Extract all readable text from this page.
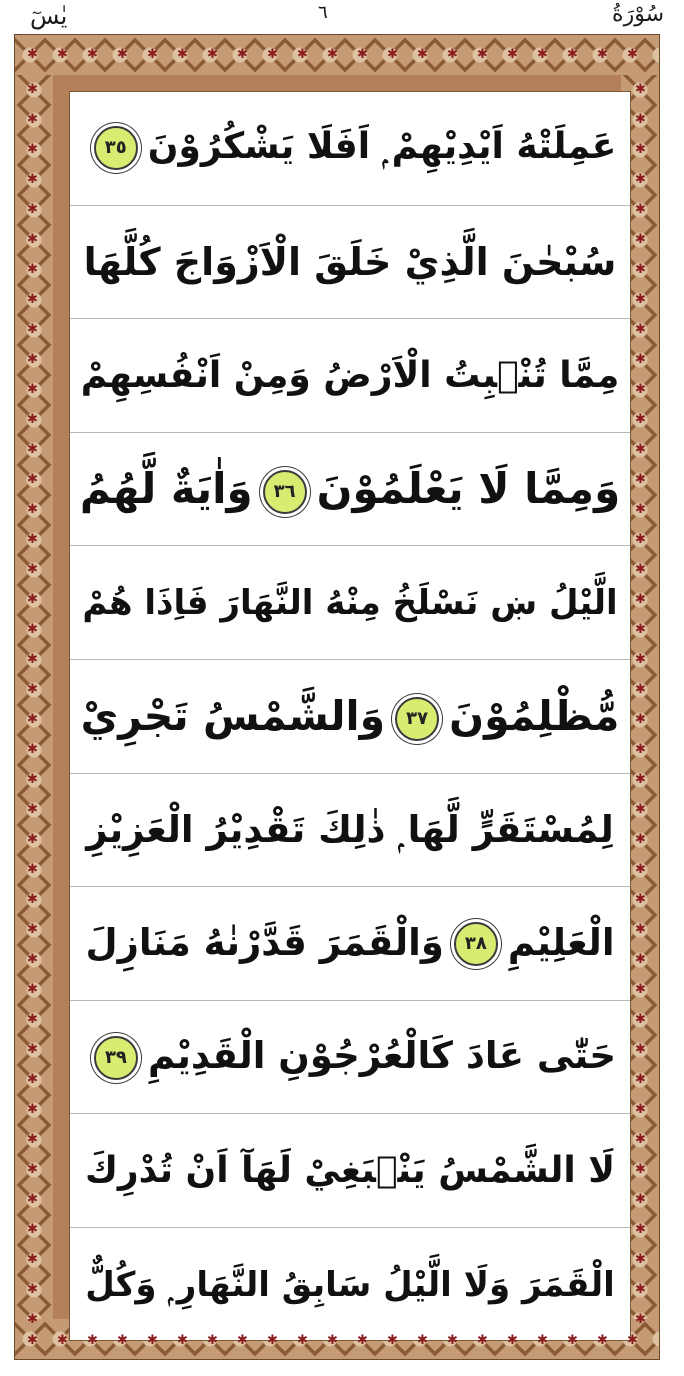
يٰسٓ	٦	سُوْرَةُ
عَمِلَتْهُ اَيْدِيْهِمْ ۭ اَفَلَا يَشْكُرُوْنَ٣٥
سُبْحٰنَ الَّذِيْ خَلَقَ الْاَزْوَاجَ كُلَّهَا
مِمَّا تُنْۢبِتُ الْاَرْضُ وَمِنْ اَنْفُسِهِمْ
وَمِمَّا لَا يَعْلَمُوْنَ٣٦وَاٰيَةٌ لَّهُمُ
الَّيْلُ ښ نَسْلَخُ مِنْهُ النَّهَارَ فَاِذَا هُمْ
مُّظْلِمُوْنَ٣٧وَالشَّمْسُ تَجْرِيْ
لِمُسْتَقَرٍّ لَّهَا ۭ ذٰلِكَ تَقْدِيْرُ الْعَزِيْزِ
الْعَلِيْمِ٣٨وَالْقَمَرَ قَدَّرْنٰهُ مَنَازِلَ
حَتّٰى عَادَ كَالْعُرْجُوْنِ الْقَدِيْمِ٣٩
لَا الشَّمْسُ يَنْۢبَغِيْ لَهَآ اَنْ تُدْرِكَ
الْقَمَرَ وَلَا الَّيْلُ سَابِقُ النَّهَارِ ۭ وَكُلٌّ
✱
✱
✱
✱
✱
✱
✱
✱
✱
✱
✱
✱
✱
✱
✱
✱
✱
✱
✱
✱
✱
✱
✱
✱
✱
✱
✱
✱
✱
✱
✱
✱
✱
✱
✱
✱
✱
✱
✱
✱
✱
✱
✱	✱
✱	✱
✱	✱
✱	✱
✱	✱
✱	✱
✱	✱
✱	✱
✱	✱
✱	✱
✱	✱
✱	✱
✱	✱
✱	✱
✱	✱
✱	✱
✱	✱
✱	✱
✱	✱
✱	✱
✱	✱
✱	✱
✱	✱
✱	✱
✱	✱
✱	✱
✱	✱
✱	✱
✱	✱
✱	✱
✱	✱
✱	✱
✱	✱
✱	✱
✱	✱
✱	✱
✱	✱
✱	✱
✱	✱
✱	✱
✱	✱
✱	✱
